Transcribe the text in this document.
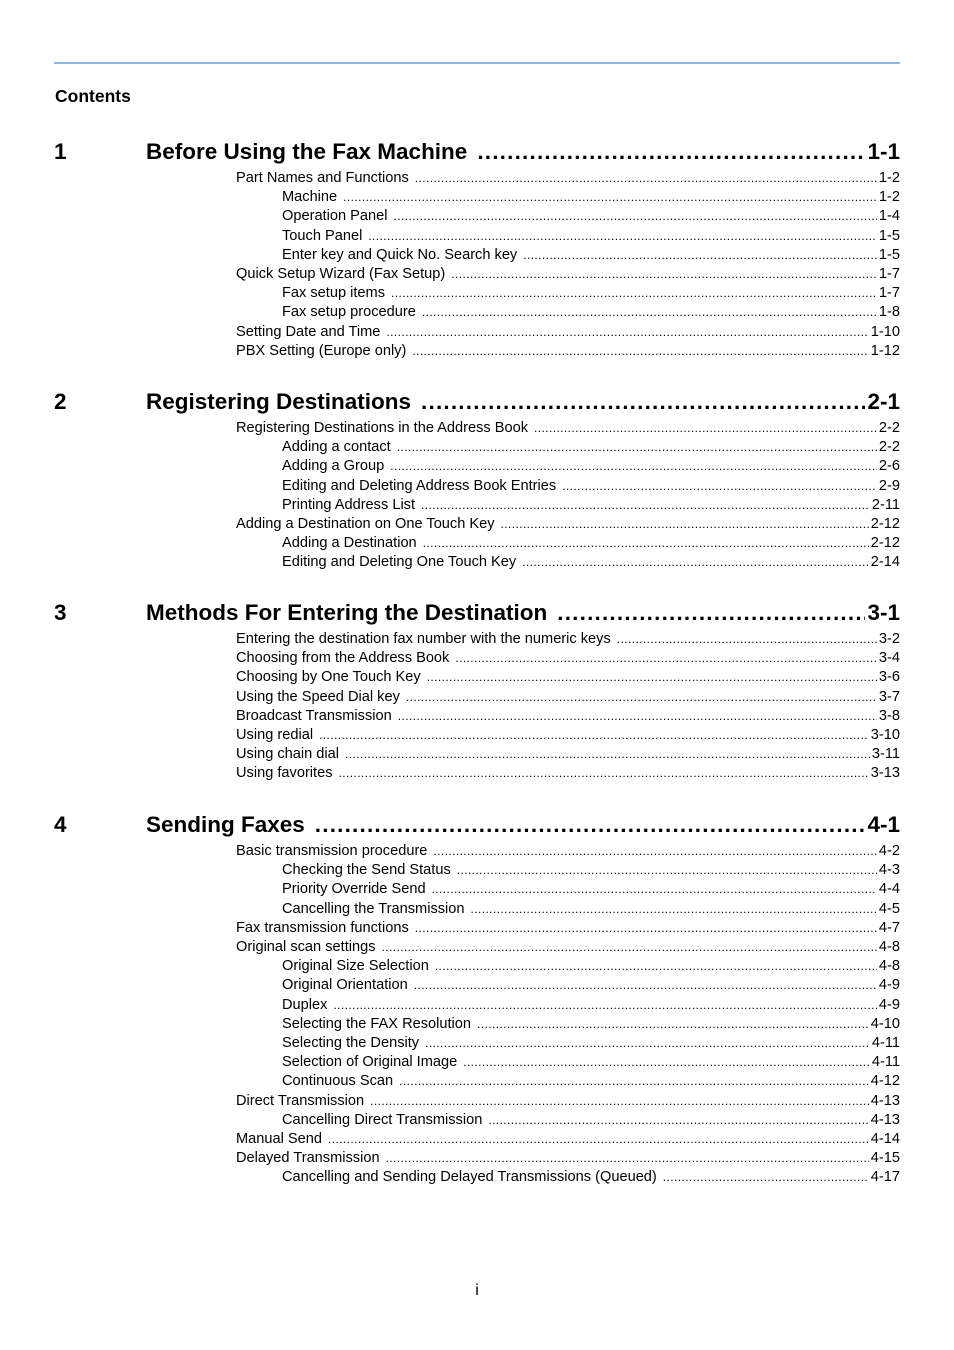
Contents
1	Before Using the Fax Machine .....	1-1
Part Names and Functions .....	1-2
Machine .....	1-2
Operation Panel .....	1-4
Touch Panel .....	1-5
Enter key and Quick No. Search key .....	1-5
Quick Setup Wizard (Fax Setup) .....	1-7
Fax setup items .....	1-7
Fax setup procedure .....	1-8
Setting Date and Time .....	1-10
PBX Setting (Europe only) .....	1-12
2	Registering Destinations .....	2-1
Registering Destinations in the Address Book .....	2-2
Adding a contact .....	2-2
Adding a Group .....	2-6
Editing and Deleting Address Book Entries .....	2-9
Printing Address List .....	2-11
Adding a Destination on One Touch Key .....	2-12
Adding a Destination .....	2-12
Editing and Deleting One Touch Key .....	2-14
3	Methods For Entering the Destination .....	3-1
Entering the destination fax number with the numeric keys .....	3-2
Choosing from the Address Book .....	3-4
Choosing by One Touch Key .....	3-6
Using the Speed Dial key .....	3-7
Broadcast Transmission .....	3-8
Using redial .....	3-10
Using chain dial .....	3-11
Using favorites .....	3-13
4	Sending Faxes .....	4-1
Basic transmission procedure .....	4-2
Checking the Send Status .....	4-3
Priority Override Send .....	4-4
Cancelling the Transmission .....	4-5
Fax transmission functions .....	4-7
Original scan settings .....	4-8
Original Size Selection .....	4-8
Original Orientation .....	4-9
Duplex .....	4-9
Selecting the FAX Resolution .....	4-10
Selecting the Density .....	4-11
Selection of Original Image .....	4-11
Continuous Scan .....	4-12
Direct Transmission .....	4-13
Cancelling Direct Transmission .....	4-13
Manual Send .....	4-14
Delayed Transmission .....	4-15
Cancelling and Sending Delayed Transmissions (Queued) .....	4-17
i
